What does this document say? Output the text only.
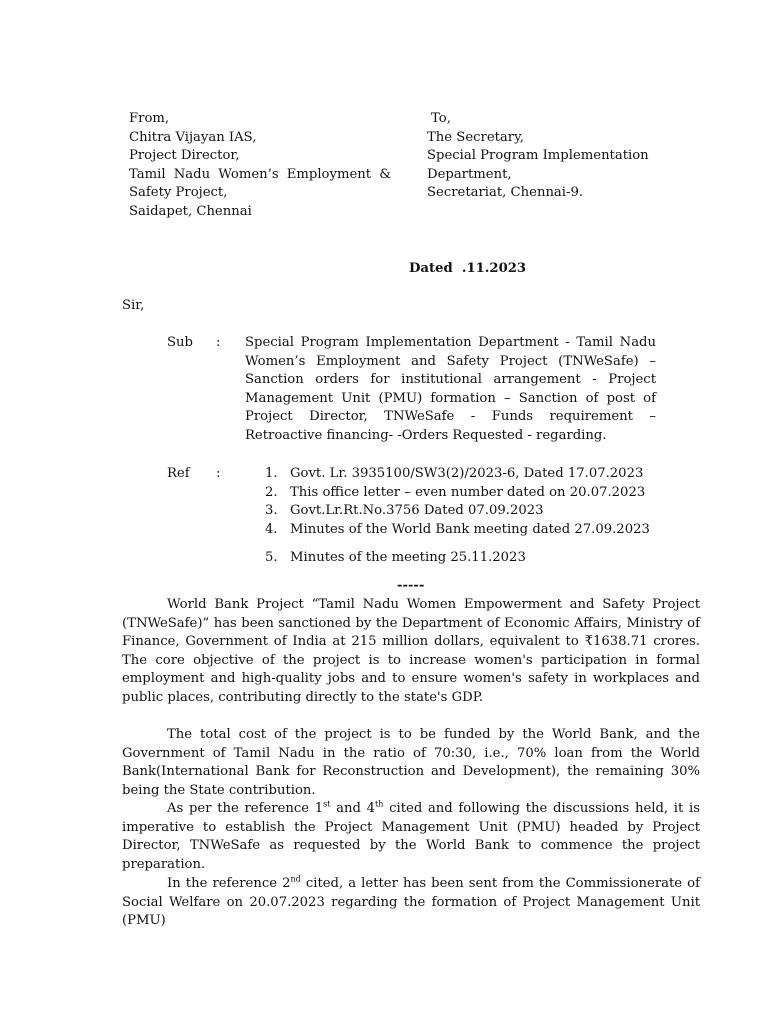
From,
Chitra Vijayan IAS,
Project Director,
Tamil Nadu Women’s Employment &
Safety Project,
Saidapet, Chennai
To,
The Secretary,
Special Program Implementation
Department,
Secretariat, Chennai-9.
Dated  .11.2023
Sir,
Sub : Special Program Implementation Department - Tamil Nadu Women’s Employment and Safety Project (TNWeSafe) – Sanction orders for institutional arrangement - Project Management Unit (PMU) formation – Sanction of post of Project Director, TNWeSafe - Funds requirement – Retroactive financing- -Orders Requested - regarding.

Ref :	1. Govt. Lr. 3935100/SW3(2)/2023-6, Dated 17.07.2023
2. This office letter – even number dated on 20.07.2023
3. Govt.Lr.Rt.No.3756 Dated 07.09.2023
4. Minutes of the World Bank meeting dated 27.09.2023
5. Minutes of the meeting 25.11.2023
-----

World Bank Project “Tamil Nadu Women Empowerment and Safety Project (TNWeSafe)” has been sanctioned by the Department of Economic Affairs, Ministry of Finance, Government of India at 215 million dollars, equivalent to ₹1638.71 crores. The core objective of the project is to increase women's participation in formal employment and high-quality jobs and to ensure women's safety in workplaces and public places, contributing directly to the state's GDP.

The total cost of the project is to be funded by the World Bank, and the Government of Tamil Nadu in the ratio of 70:30, i.e., 70% loan from the World Bank(International Bank for Reconstruction and Development), the remaining 30% being the State contribution.

As per the reference 1st and 4th cited and following the discussions held, it is imperative to establish the Project Management Unit (PMU) headed by Project Director, TNWeSafe as requested by the World Bank to commence the project preparation.

In the reference 2nd cited, a letter has been sent from the Commissionerate of Social Welfare on 20.07.2023 regarding the formation of Project Management Unit (PMU)
